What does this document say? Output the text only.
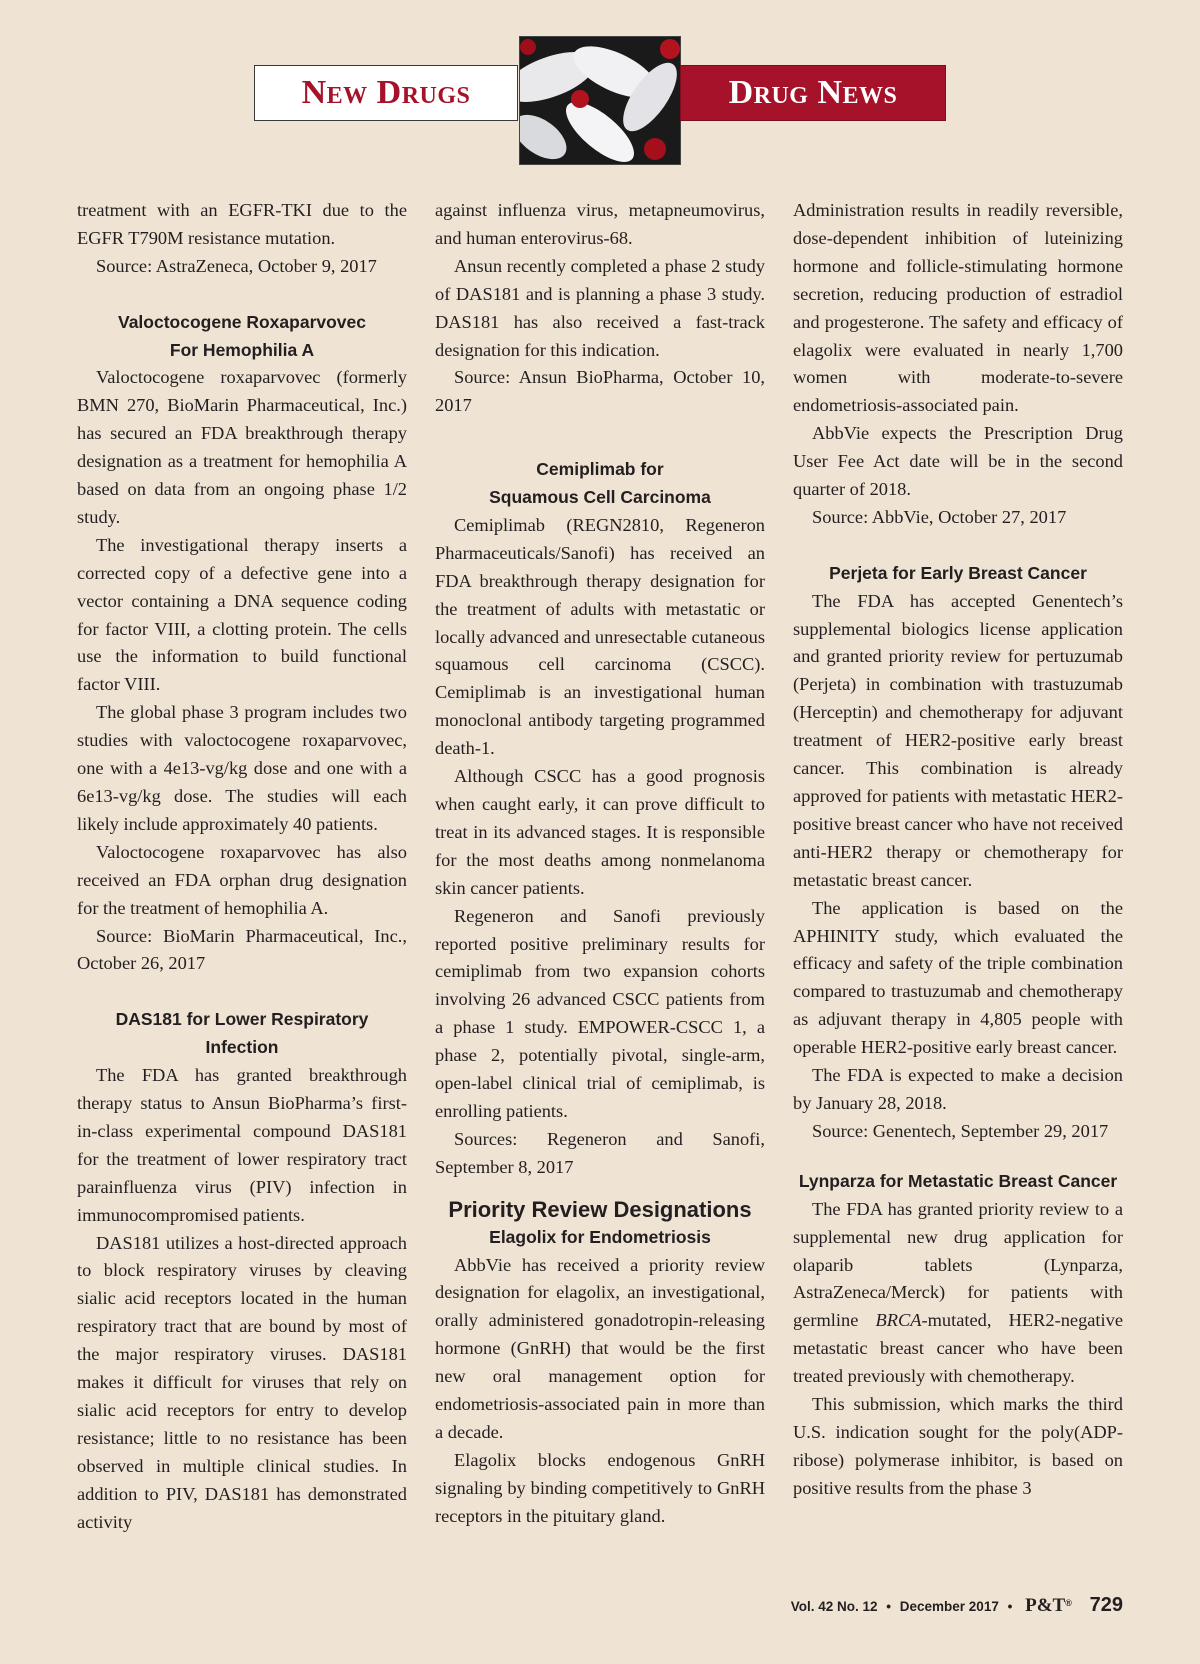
New Drugs	Drug News

treatment with an EGFR-TKI due to the EGFR T790M resistance mutation.

Source: AstraZeneca, October 9, 2017

Valoctocogene Roxaparvovec
For Hemophilia A

Valoctocogene roxaparvovec (formerly BMN 270, BioMarin Pharmaceutical, Inc.) has secured an FDA breakthrough therapy designation as a treatment for hemophilia A based on data from an ongoing phase 1/2 study.

The investigational therapy inserts a corrected copy of a defective gene into a vector containing a DNA sequence coding for factor VIII, a clotting protein. The cells use the information to build functional factor VIII.

The global phase 3 program includes two studies with valoctocogene roxaparvovec, one with a 4e13-vg/kg dose and one with a 6e13-vg/kg dose. The studies will each likely include approximately 40 patients.

Valoctocogene roxaparvovec has also received an FDA orphan drug designation for the treatment of hemophilia A.

Source: BioMarin Pharmaceutical, Inc., October 26, 2017

DAS181 for Lower Respiratory Infection

The FDA has granted breakthrough therapy status to Ansun BioPharma’s first-in-class experimental compound DAS181 for the treatment of lower respiratory tract parainfluenza virus (PIV) infection in immunocompromised patients.

DAS181 utilizes a host-directed approach to block respiratory viruses by cleaving sialic acid receptors located in the human respiratory tract that are bound by most of the major respiratory viruses. DAS181 makes it difficult for viruses that rely on sialic acid receptors for entry to develop resistance; little to no resistance has been observed in multiple clinical studies. In addition to PIV, DAS181 has demonstrated activity

against influenza virus, metapneumovirus, and human enterovirus-68.

Ansun recently completed a phase 2 study of DAS181 and is planning a phase 3 study. DAS181 has also received a fast-track designation for this indication.

Source: Ansun BioPharma, October 10, 2017

Cemiplimab for
Squamous Cell Carcinoma

Cemiplimab (REGN2810, Regeneron Pharmaceuticals/Sanofi) has received an FDA breakthrough therapy designation for the treatment of adults with metastatic or locally advanced and unresectable cutaneous squamous cell carcinoma (CSCC). Cemiplimab is an investigational human monoclonal antibody targeting programmed death-1.

Although CSCC has a good prognosis when caught early, it can prove difficult to treat in its advanced stages. It is responsible for the most deaths among nonmelanoma skin cancer patients.

Regeneron and Sanofi previously reported positive preliminary results for cemiplimab from two expansion cohorts involving 26 advanced CSCC patients from a phase 1 study. EMPOWER-CSCC 1, a phase 2, potentially pivotal, single-arm, open-label clinical trial of cemiplimab, is enrolling patients.

Sources: Regeneron and Sanofi, September 8, 2017

Priority Review Designations
Elagolix for Endometriosis

AbbVie has received a priority review designation for elagolix, an investigational, orally administered gonadotropin-releasing hormone (GnRH) that would be the first new oral management option for endometriosis-associated pain in more than a decade.

Elagolix blocks endogenous GnRH signaling by binding competitively to GnRH receptors in the pituitary gland.

Administration results in readily reversible, dose-dependent inhibition of luteinizing hormone and follicle-stimulating hormone secretion, reducing production of estradiol and progesterone. The safety and efficacy of elagolix were evaluated in nearly 1,700 women with moderate-to-severe endometriosis-associated pain.

AbbVie expects the Prescription Drug User Fee Act date will be in the second quarter of 2018.

Source: AbbVie, October 27, 2017

Perjeta for Early Breast Cancer

The FDA has accepted Genentech’s supplemental biologics license application and granted priority review for pertuzumab (Perjeta) in combination with trastuzumab (Herceptin) and chemotherapy for adjuvant treatment of HER2-positive early breast cancer. This combination is already approved for patients with metastatic HER2-positive breast cancer who have not received anti-HER2 therapy or chemotherapy for metastatic breast cancer.

The application is based on the APHINITY study, which evaluated the efficacy and safety of the triple combination compared to trastuzumab and chemotherapy as adjuvant therapy in 4,805 people with operable HER2-positive early breast cancer.

The FDA is expected to make a decision by January 28, 2018.

Source: Genentech, September 29, 2017

Lynparza for Metastatic Breast Cancer

The FDA has granted priority review to a supplemental new drug application for olaparib tablets (Lynparza, AstraZeneca/Merck) for patients with germline BRCA-mutated, HER2-negative metastatic breast cancer who have been treated previously with chemotherapy.

This submission, which marks the third U.S. indication sought for the poly(ADP-ribose) polymerase inhibitor, is based on positive results from the phase 3

Vol. 42 No. 12 • December 2017 • P&T® 729
